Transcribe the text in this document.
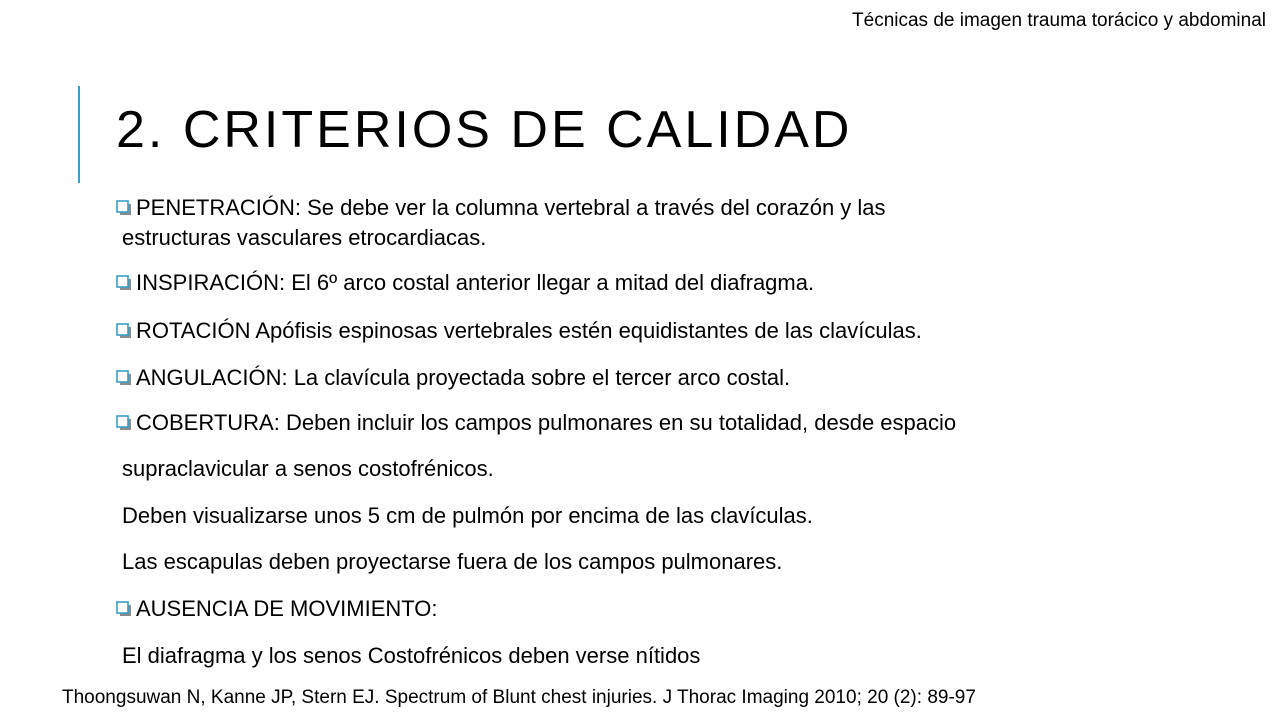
Técnicas de imagen trauma torácico y abdominal
2. CRITERIOS DE CALIDAD
PENETRACIÓN: Se debe ver la columna vertebral a través del corazón y las
estructuras vasculares etrocardiacas.
INSPIRACIÓN: El 6º arco costal anterior llegar a mitad del diafragma.
ROTACIÓN Apófisis espinosas vertebrales estén equidistantes de las clavículas.
ANGULACIÓN: La clavícula proyectada sobre el tercer arco costal.
COBERTURA: Deben incluir los campos pulmonares en su totalidad, desde espacio
supraclavicular a senos costofrénicos.
Deben visualizarse unos 5 cm de pulmón por encima de las clavículas.
Las escapulas deben proyectarse fuera de los campos pulmonares.
AUSENCIA DE MOVIMIENTO:
El diafragma y los senos Costofrénicos deben verse nítidos
Thoongsuwan N, Kanne JP, Stern EJ. Spectrum of Blunt chest injuries. J Thorac Imaging 2010; 20 (2): 89-97
